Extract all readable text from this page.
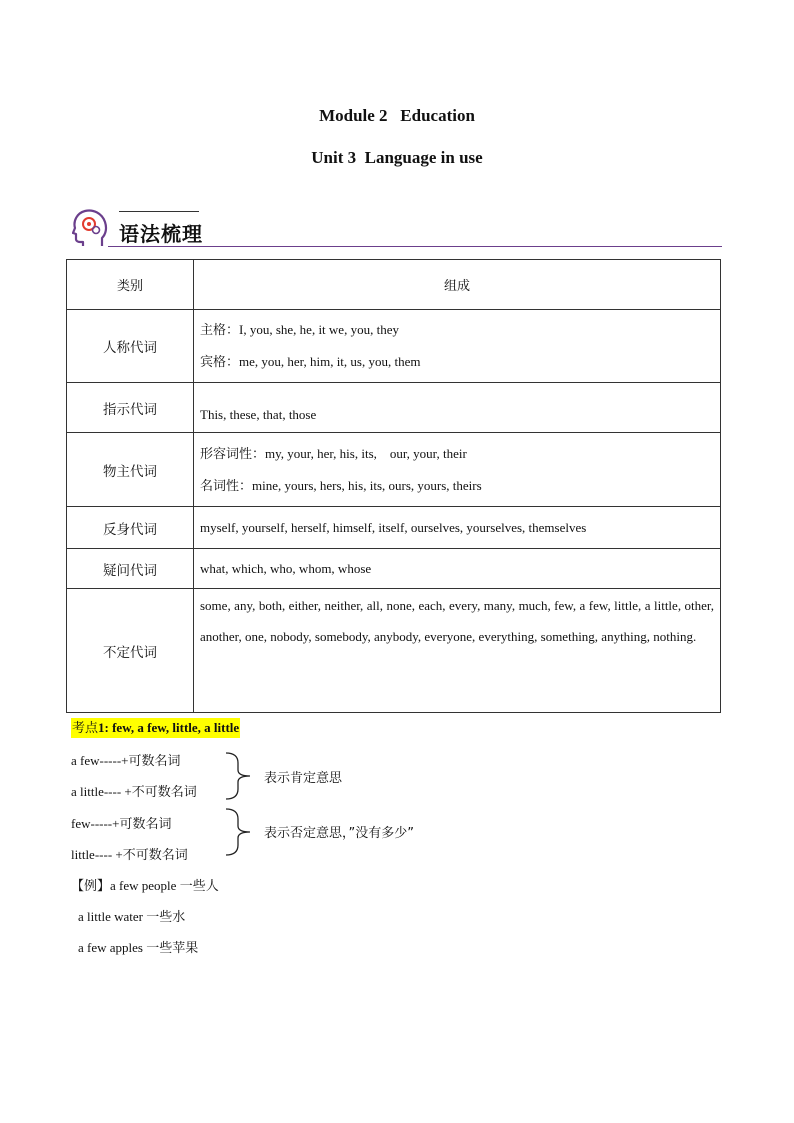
Module 2   Education
Unit 3  Language in use
语法梳理
类别	组成
人称代词	主格：I, you, she, he, it we, you, they
宾格：me, you, her, him, it, us, you, them

指示代词	This, these, that, those

物主代词	形容词性：my, your, her, his, its,    our, your, their
名词性：mine, yours, hers, his, its, ours, yours, theirs

反身代词	myself, yourself, herself, himself, itself, ourselves, yourselves, themselves

疑问代词	what, which, who, whom, whose

不定代词	some, any, both, either, neither, all, none, each, every, many, much, few, a few, little, a little, other, another, one, nobody, somebody, anybody, everyone, everything, something, anything, nothing.
考点1: few, a few, little, a little
a few-----+可数名词
a little---- +不可数名词
few-----+可数名词
little---- +不可数名词
表示肯定意思
表示否定意思，”没有多少”
【例】a few people 一些人
a little water 一些水
a few apples 一些苹果
